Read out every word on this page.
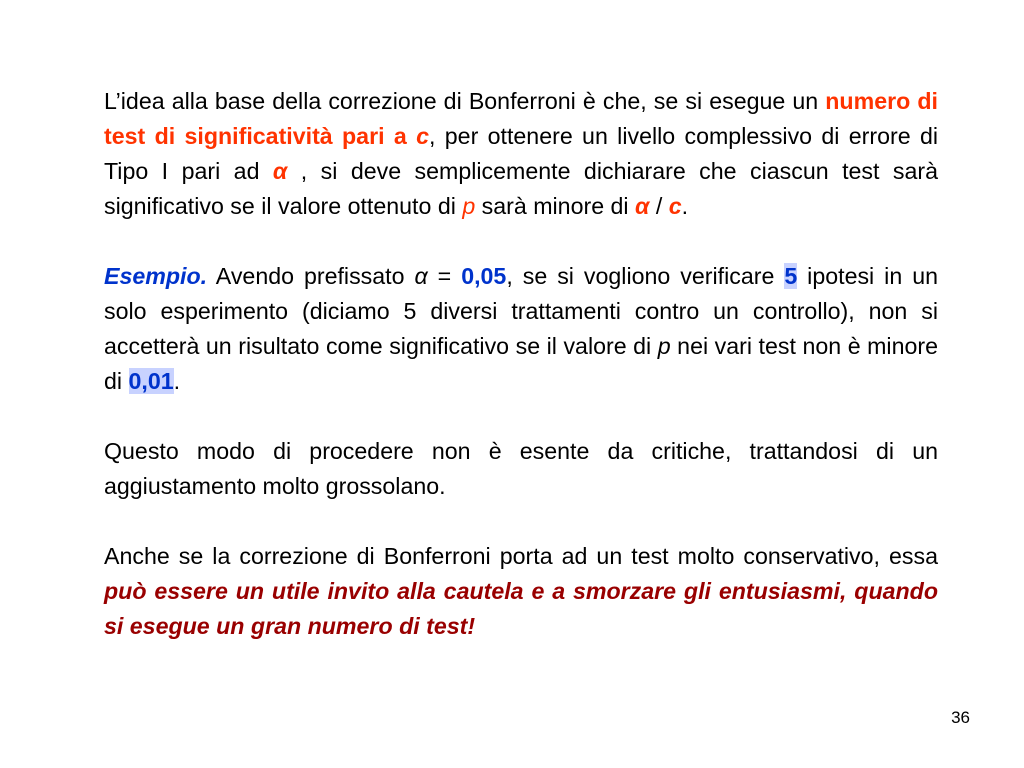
L’idea alla base della correzione di Bonferroni è che, se si esegue un numero di test di significatività pari a c, per ottenere un livello complessivo di errore di Tipo I pari ad α , si deve semplicemente dichiarare che ciascun test sarà significativo se il valore ottenuto di p sarà minore di α / c.

Esempio. Avendo prefissato α = 0,05, se si vogliono verificare 5 ipotesi in un solo esperimento (diciamo 5 diversi trattamenti contro un controllo), non si accetterà un risultato come significativo se il valore di p nei vari test non è minore di 0,01.

Questo modo di procedere non è esente da critiche, trattandosi di un aggiustamento molto grossolano.

Anche se la correzione di Bonferroni porta ad un test molto conservativo, essa può essere un utile invito alla cautela e a smorzare gli entusiasmi, quando si esegue un gran numero di test!

36
